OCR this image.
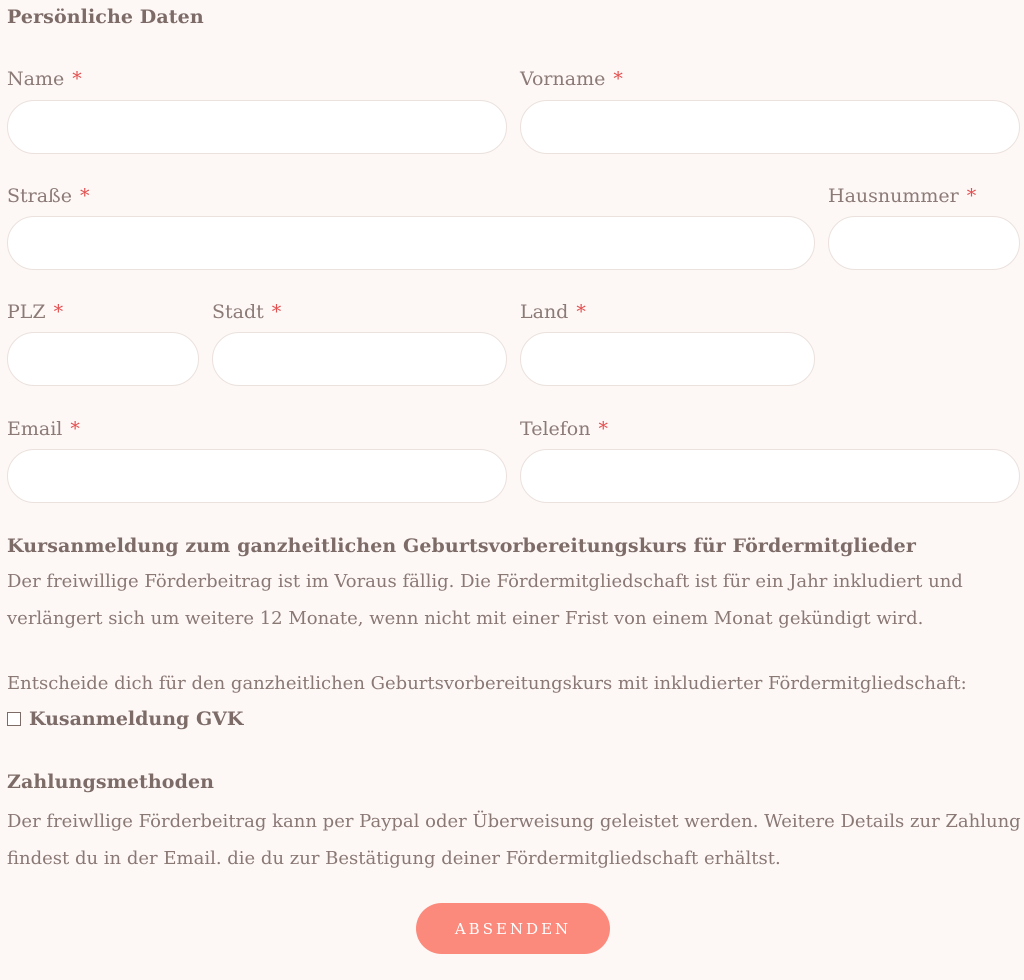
Persönliche Daten
Name *	Vorname *
Straße *	Hausnummer *
PLZ *	Stadt *	Land *
Email *	Telefon *
Kursanmeldung zum ganzheitlichen Geburtsvorbereitungskurs für Fördermitglieder
Der freiwillige Förderbeitrag ist im Voraus fällig. Die Fördermitgliedschaft ist für ein Jahr inkludiert und
verlängert sich um weitere 12 Monate, wenn nicht mit einer Frist von einem Monat gekündigt wird.
Entscheide dich für den ganzheitlichen Geburtsvorbereitungskurs mit inkludierter Fördermitgliedschaft:
Kusanmeldung GVK
Zahlungsmethoden
Der freiwllige Förderbeitrag kann per Paypal oder Überweisung geleistet werden. Weitere Details zur Zahlung
findest du in der Email. die du zur Bestätigung deiner Fördermitgliedschaft erhältst.
ABSENDEN
